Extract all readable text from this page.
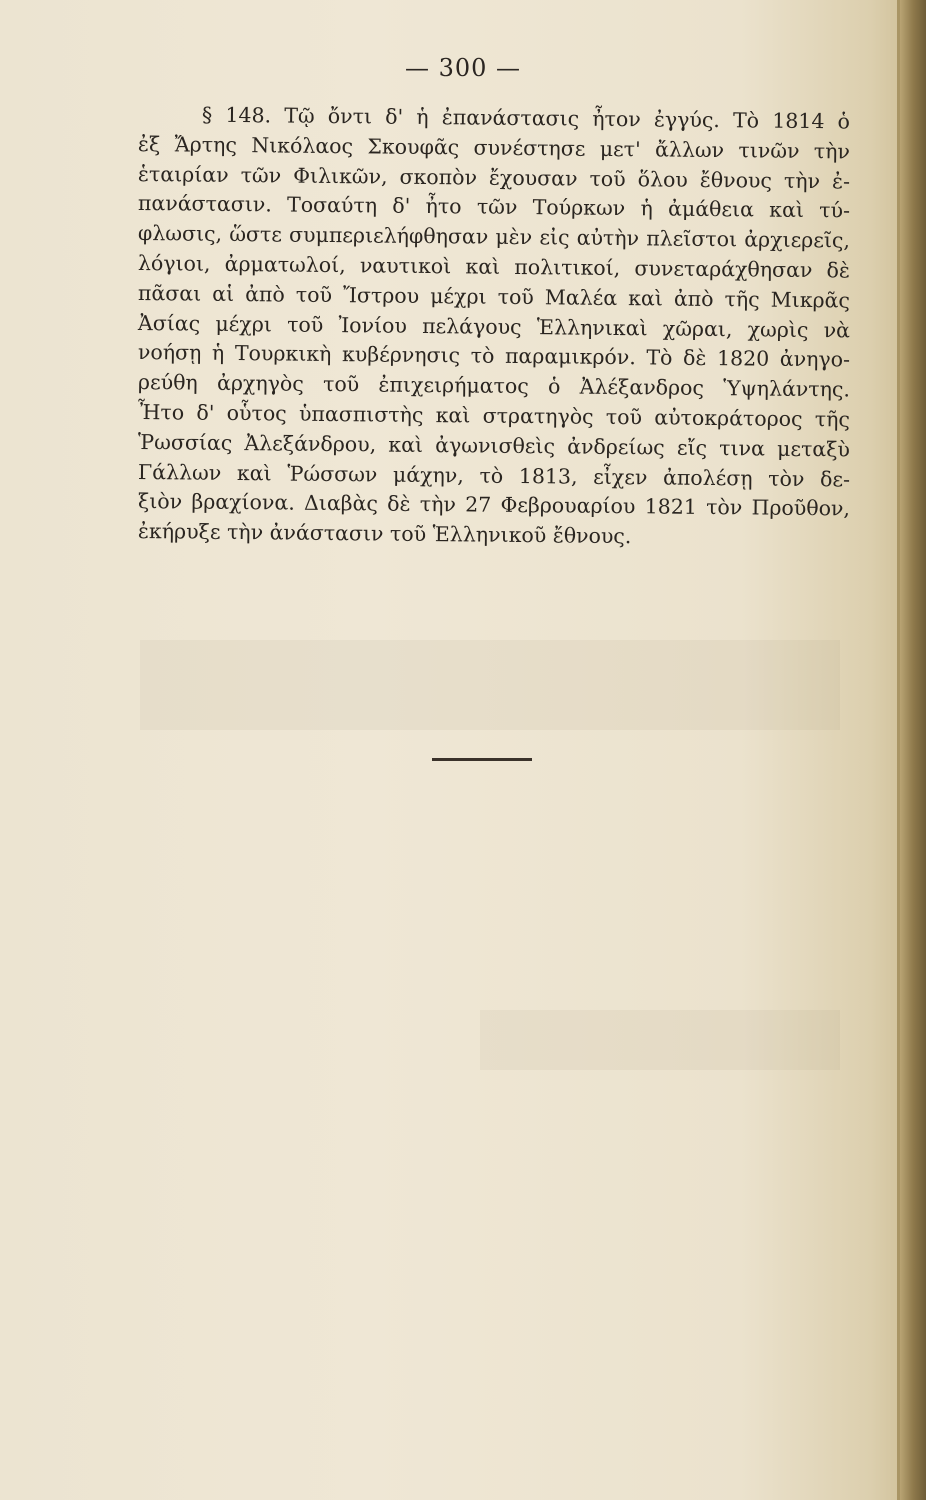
— 300 —
§ 148. Τῷ ὄντι δ' ἡ ἐπανάστασις ἦτον ἐγγύς. Τὸ 1814 ὁ
ἐξ Ἄρτης Νικόλαος Σκουφᾶς συνέστησε μετ' ἄλλων τινῶν τὴν
ἑταιρίαν τῶν Φιλικῶν, σκοπὸν ἔχουσαν τοῦ ὅλου ἔθνους τὴν ἐ-
πανάστασιν. Τοσαύτη δ' ἦτο τῶν Τούρκων ἡ ἀμάθεια καὶ τύ-
φλωσις, ὥστε συμπεριελήφθησαν μὲν εἰς αὐτὴν πλεῖστοι ἀρχιερεῖς,
λόγιοι, ἀρματωλοί, ναυτικοὶ καὶ πολιτικοί, συνεταράχθησαν δὲ
πᾶσαι αἱ ἀπὸ τοῦ Ἴστρου μέχρι τοῦ Μαλέα καὶ ἀπὸ τῆς Μικρᾶς
Ἀσίας μέχρι τοῦ Ἰονίου πελάγους Ἑλληνικαὶ χῶραι, χωρὶς νὰ
νοήσῃ ἡ Τουρκικὴ κυβέρνησις τὸ παραμικρόν. Τὸ δὲ 1820 ἀνηγο-
ρεύθη ἀρχηγὸς τοῦ ἐπιχειρήματος ὁ Ἀλέξανδρος Ὑψηλάντης.
Ἦτο δ' οὗτος ὑπασπιστὴς καὶ στρατηγὸς τοῦ αὐτοκράτορος τῆς
Ῥωσσίας Ἀλεξάνδρου, καὶ ἀγωνισθεὶς ἀνδρείως εἴς τινα μεταξὺ
Γάλλων καὶ Ῥώσσων μάχην, τὸ 1813, εἶχεν ἀπολέσῃ τὸν δε-
ξιὸν βραχίονα. Διαβὰς δὲ τὴν 27 Φεβρουαρίου 1821 τὸν Προῦθον,
ἐκήρυξε τὴν ἀνάστασιν τοῦ Ἑλληνικοῦ ἔθνους.
